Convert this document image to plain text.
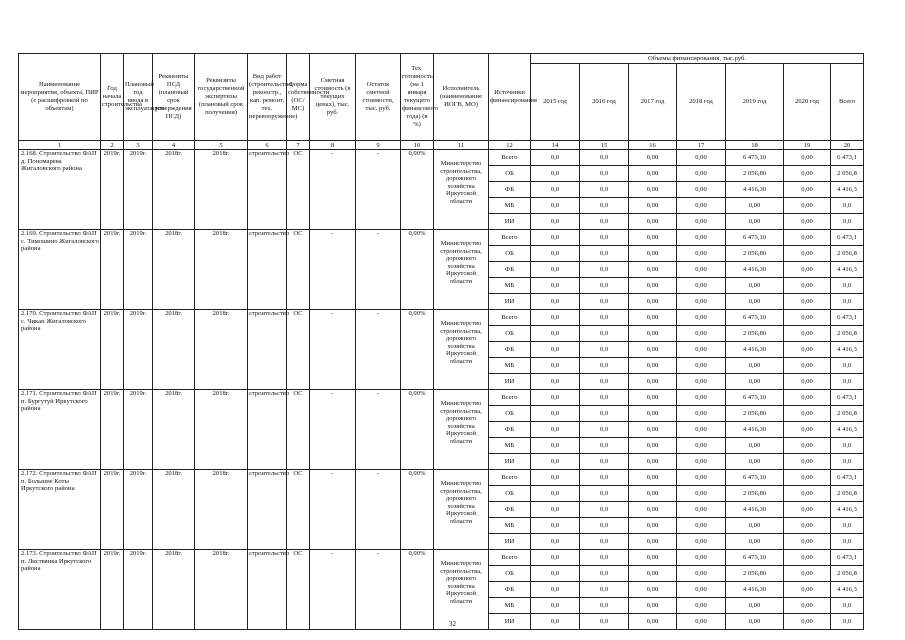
Наименование мероприятия, объекта, ПИР (с расшифровкой по объектам)	Год начала строительства	Плановый год ввода в эксплуатацию	Реквизиты ПСД (плановый срок утверждения ПСД)	Реквизиты государственной экспертизы (плановый срок получения)	Вид работ (строительство, реконстр., кап. ремонт, тех. перевооружение)	Форма собственности (ОС/МС)	Сметная стоимость (в текущих ценах), тыс. руб.	Остаток сметной стоимости, тыс. руб.	Тех. готовность (на 1 января текущего финансового года) (в %)	Исполнитель (наименование ИОГВ, МО)	Источники финансирования	Объемы финансирования, тыс.руб.						
												2015 год	2016 год	2017 год	2018 год	2019 год	2020 год	Всего
1	2	3	4	5	6	7	8	9	10	11	12	14	15	16	17	18	19	20
2.168. Строительство ФАП д. Пономарева Жигаловского района	2019г.	2019г.	2018г.	2018г.	строительство	ОС	-	-	0,00%	Министерство строительства, дорожного хозяйства Иркутской области	Всего	0,0	0,0	0,00	0,00	6 473,10	0,00	6 473,1
											ОБ	0,0	0,0	0,00	0,00	2 056,80	0,00	2 056,8
											ФБ	0,0	0,0	0,00	0,00	4 416,30	0,00	4 416,3
											МБ	0,0	0,0	0,00	0,00	0,00	0,00	0,0
											ИИ	0,0	0,0	0,00	0,00	0,00	0,00	0,0
2.169. Строительство ФАП с. Тимошино Жигаловского района	2019г.	2019г.	2018г.	2018г.	строительство	ОС	-	-	0,00%	Министерство строительства, дорожного хозяйства Иркутской области	Всего	0,0	0,0	0,00	0,00	6 473,10	0,00	6 473,1
											ОБ	0,0	0,0	0,00	0,00	2 056,80	0,00	2 056,8
											ФБ	0,0	0,0	0,00	0,00	4 416,30	0,00	4 416,3
											МБ	0,0	0,0	0,00	0,00	0,00	0,00	0,0
											ИИ	0,0	0,0	0,00	0,00	0,00	0,00	0,0
2.170. Строительство ФАП с. Чикан Жигаловского района	2019г.	2019г.	2018г.	2018г.	строительство	ОС	-	-	0,00%	Министерство строительства, дорожного хозяйства Иркутской области	Всего	0,0	0,0	0,00	0,00	6 473,10	0,00	6 473,1
											ОБ	0,0	0,0	0,00	0,00	2 056,80	0,00	2 056,8
											ФБ	0,0	0,0	0,00	0,00	4 416,30	0,00	4 416,3
											МБ	0,0	0,0	0,00	0,00	0,00	0,00	0,0
											ИИ	0,0	0,0	0,00	0,00	0,00	0,00	0,0
2.171. Строительство ФАП п. Бургутуй Иркутского района	2019г.	2019г.	2018г.	2018г.	строительство	ОС	-	-	0,00%	Министерство строительства, дорожного хозяйства Иркутской области	Всего	0,0	0,0	0,00	0,00	6 473,10	0,00	6 473,1
											ОБ	0,0	0,0	0,00	0,00	2 056,80	0,00	2 056,8
											ФБ	0,0	0,0	0,00	0,00	4 416,30	0,00	4 416,3
											МБ	0,0	0,0	0,00	0,00	0,00	0,00	0,0
											ИИ	0,0	0,0	0,00	0,00	0,00	0,00	0,0
2.172. Строительство ФАП п. Большие Коты Иркутского района	2019г.	2019г.	2018г.	2018г.	строительство	ОС	-	-	0,00%	Министерство строительства, дорожного хозяйства Иркутской области	Всего	0,0	0,0	0,00	0,00	6 473,10	0,00	6 473,1
											ОБ	0,0	0,0	0,00	0,00	2 056,80	0,00	2 056,8
											ФБ	0,0	0,0	0,00	0,00	4 416,30	0,00	4 416,3
											МБ	0,0	0,0	0,00	0,00	0,00	0,00	0,0
											ИИ	0,0	0,0	0,00	0,00	0,00	0,00	0,0
2.173. Строительство ФАП п. Листвянка Иркутского района	2019г.	2019г.	2018г.	2018г.	строительство	ОС	-	-	0,00%	Министерство строительства, дорожного хозяйства Иркутской области	Всего	0,0	0,0	0,00	0,00	6 473,10	0,00	6 473,1
											ОБ	0,0	0,0	0,00	0,00	2 056,80	0,00	2 056,8
											ФБ	0,0	0,0	0,00	0,00	4 416,30	0,00	4 416,3
											МБ	0,0	0,0	0,00	0,00	0,00	0,00	0,0
											ИИ	0,0	0,0	0,00	0,00	0,00	0,00	0,0
32
